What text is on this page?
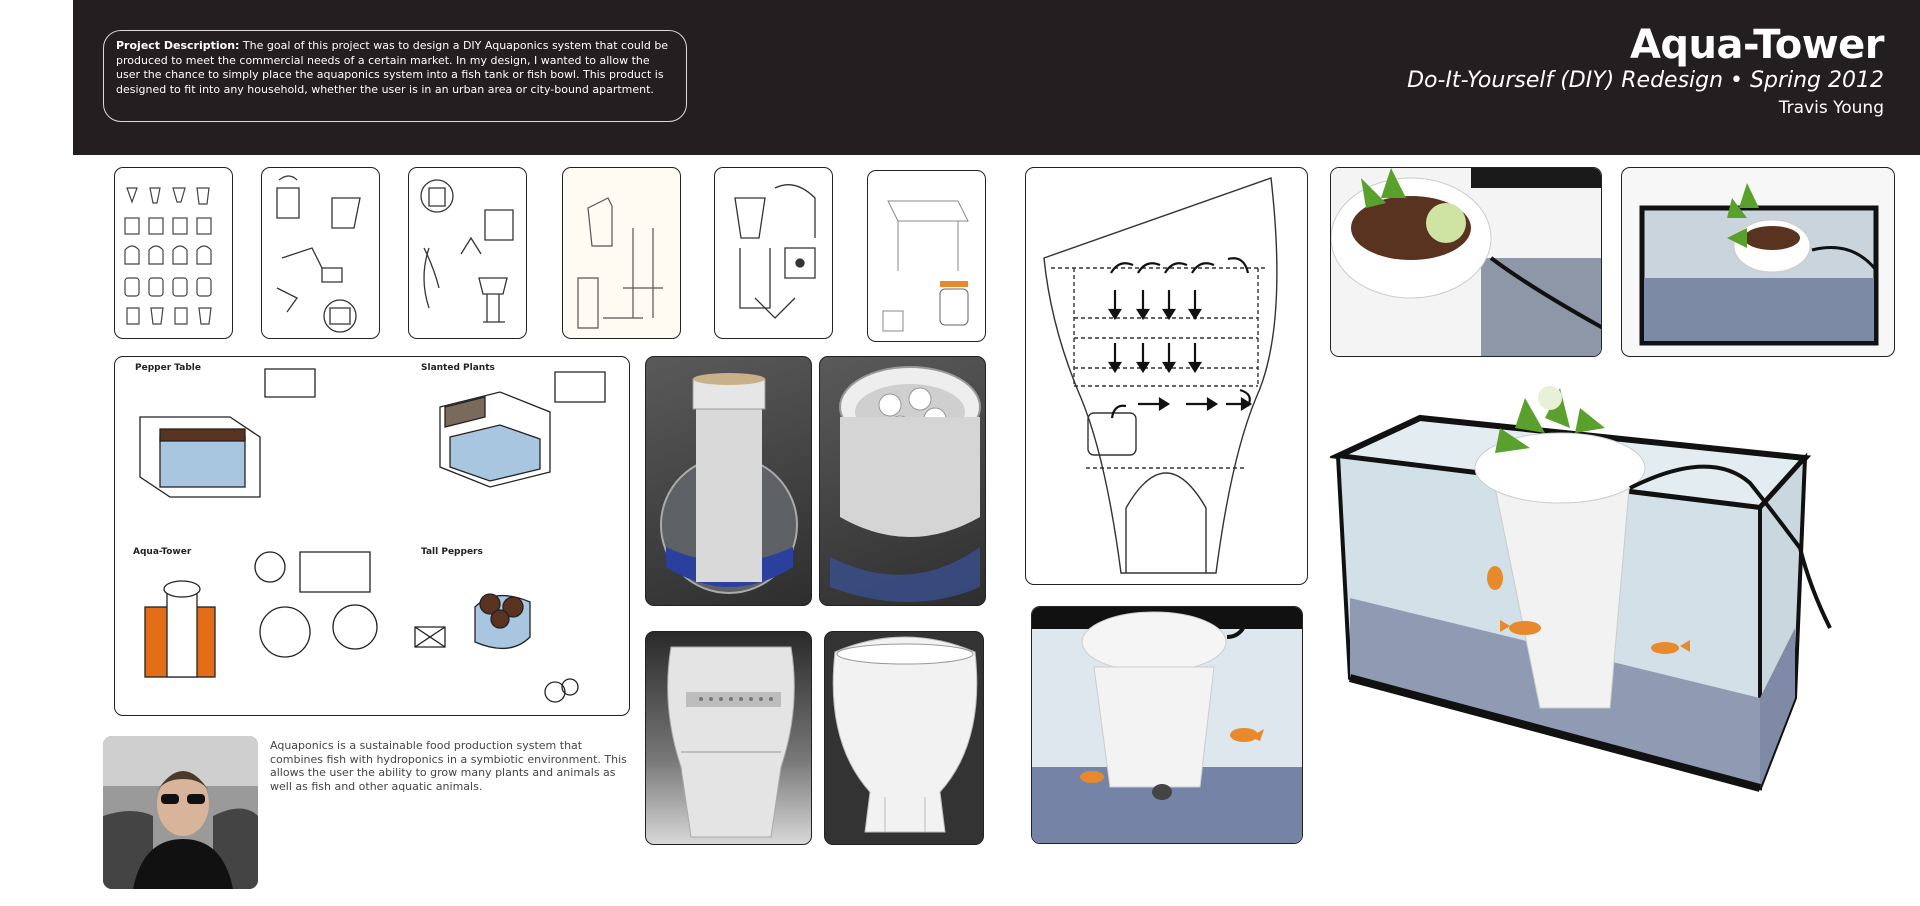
Project Description: The goal of this project was to design a DIY Aquaponics system that could be produced to meet the commercial needs of a certain market. In my design, I wanted to allow the user the chance to simply place the aquaponics system into a fish tank or fish bowl. This product is designed to fit into any household, whether the user is in an urban area or city-bound apartment.
Aqua-Tower
Do-It-Yourself (DIY) Redesign • Spring 2012
Travis Young
Pepper Table	Slanted Plants
Aqua-Tower	Tall Peppers
Aquaponics is a sustainable food production system that combines fish with hydroponics in a symbiotic environment. This allows the user the ability to grow many plants and animals as well as fish and other aquatic animals.
